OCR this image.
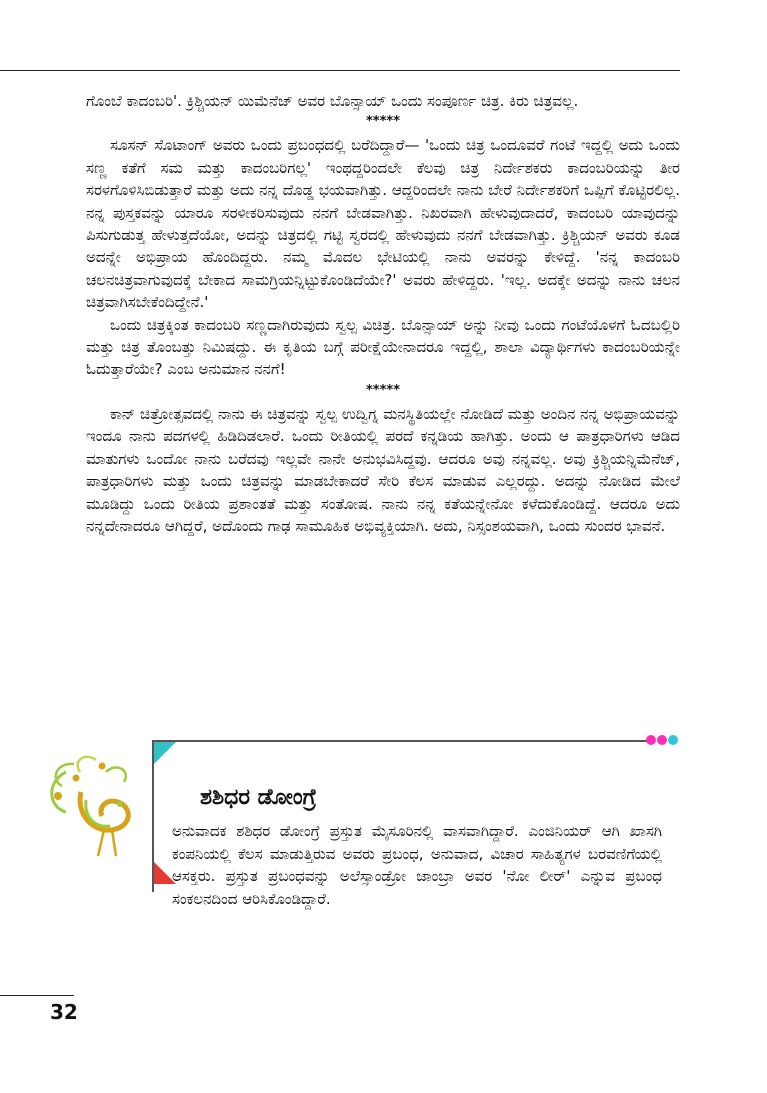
ಗೊಂಬೆ ಕಾದಂಬರಿ'. ಕ್ರಿಶ್ಚಿಯನ್ ಯಿಮೆನೆಜ್ ಅವರ ಬೊನ್ಸಾಯ್ ಒಂದು ಸಂಪೂರ್ಣ ಚಿತ್ರ. ಕಿರು ಚಿತ್ರವಲ್ಲ.

*****

ಸೂಸನ್ ಸೊಟಾಂಗ್ ಅವರು ಒಂದು ಪ್ರಬಂಧದಲ್ಲಿ ಬರೆದಿದ್ದಾರೆ— 'ಒಂದು ಚಿತ್ರ ಒಂದೂವರೆ ಗಂಟೆ ಇದ್ದಲ್ಲಿ ಅದು ಒಂದು ಸಣ್ಣ ಕತೆಗೆ ಸಮ ಮತ್ತು ಕಾದಂಬರಿಗಲ್ಲ' ಇಂಥದ್ದರಿಂದಲೇ ಕೆಲವು ಚಿತ್ರ ನಿರ್ದೇಶಕರು ಕಾದಂಬರಿಯನ್ನು ತೀರ ಸರಳಗೊಳಿಸಿಬಿಡುತ್ತಾರೆ ಮತ್ತು ಅದು ನನ್ನ ದೊಡ್ಡ ಭಯವಾಗಿತ್ತು. ಆದ್ದರಿಂದಲೇ ನಾನು ಬೇರೆ ನಿರ್ದೇಶಕರಿಗೆ ಒಪ್ಪಿಗೆ ಕೊಟ್ಟಿರಲಿಲ್ಲ. ನನ್ನ ಪುಸ್ತಕವನ್ನು ಯಾರೂ ಸರಳೀಕರಿಸುವುದು ನನಗೆ ಬೇಡವಾಗಿತ್ತು. ನಿಖರವಾಗಿ ಹೇಳುವುದಾದರೆ, ಕಾದಂಬರಿ ಯಾವುದನ್ನು ಪಿಸುಗುಡುತ್ತ ಹೇಳುತ್ತದೆಯೋ, ಅದನ್ನು ಚಿತ್ರದಲ್ಲಿ ಗಟ್ಟಿ ಸ್ವರದಲ್ಲಿ ಹೇಳುವುದು ನನಗೆ ಬೇಡವಾಗಿತ್ತು. ಕ್ರಿಶ್ಚಿಯನ್ ಅವರು ಕೂಡ ಅದನ್ನೇ ಅಭಿಪ್ರಾಯ ಹೊಂದಿದ್ದರು. ನಮ್ಮ ಮೊದಲ ಭೇಟಿಯಲ್ಲಿ ನಾನು ಅವರನ್ನು ಕೇಳಿದ್ದೆ. 'ನನ್ನ ಕಾದಂಬರಿ ಚಲನಚಿತ್ರವಾಗುವುದಕ್ಕೆ ಬೇಕಾದ ಸಾಮಗ್ರಿಯನ್ನಿಟ್ಟುಕೊಂಡಿದೆಯೇ?' ಅವರು ಹೇಳಿದ್ದರು. 'ಇಲ್ಲ. ಅದಕ್ಕೇ ಅದನ್ನು ನಾನು ಚಲನ ಚಿತ್ರವಾಗಿಸಬೇಕೆಂದಿದ್ದೇನೆ.'

ಒಂದು ಚಿತ್ರಕ್ಕಿಂತ ಕಾದಂಬರಿ ಸಣ್ಣದಾಗಿರುವುದು ಸ್ವಲ್ಪ ವಿಚಿತ್ರ. ಬೊನ್ಸಾಯ್ ಅನ್ನು ನೀವು ಒಂದು ಗಂಟೆಯೊಳಗೆ ಓದಬಲ್ಲಿರಿ ಮತ್ತು ಚಿತ್ರ ತೊಂಬತ್ತು ನಿಮಿಷದ್ದು. ಈ ಕೃತಿಯ ಬಗ್ಗೆ ಪರೀಕ್ಷೆಯೇನಾದರೂ ಇದ್ದಲ್ಲಿ, ಶಾಲಾ ವಿದ್ಯಾರ್ಥಿಗಳು ಕಾದಂಬರಿಯನ್ನೇ ಓದುತ್ತಾರೆಯೇ? ಎಂಬ ಅನುಮಾನ ನನಗೆ!

*****

ಕಾನ್ ಚಿತ್ರೋತ್ಸವದಲ್ಲಿ ನಾನು ಈ ಚಿತ್ರವನ್ನು ಸ್ವಲ್ಪ ಉದ್ವಿಗ್ನ ಮನಸ್ಥಿತಿಯಲ್ಲೇ ನೋಡಿದೆ ಮತ್ತು ಅಂದಿನ ನನ್ನ ಅಭಿಪ್ರಾಯವನ್ನು ಇಂದೂ ನಾನು ಪದಗಳಲ್ಲಿ ಹಿಡಿದಿಡಲಾರೆ. ಒಂದು ರೀತಿಯಲ್ಲಿ ಪರದೆ ಕನ್ನಡಿಯ ಹಾಗಿತ್ತು. ಅಂದು ಆ ಪಾತ್ರಧಾರಿಗಳು ಆಡಿದ ಮಾತುಗಳು ಒಂದೋ ನಾನು ಬರೆದವು ಇಲ್ಲವೇ ನಾನೇ ಅನುಭವಿಸಿದ್ದವು. ಆದರೂ ಅವು ನನ್ನವಲ್ಲ. ಅವು ಕ್ರಿಶ್ಚಿಯನ್ನಿಮೆನೆಜ್, ಪಾತ್ರಧಾರಿಗಳು ಮತ್ತು ಒಂದು ಚಿತ್ರವನ್ನು ಮಾಡಬೇಕಾದರೆ ಸೇರಿ ಕೆಲಸ ಮಾಡುವ ಎಲ್ಲರದ್ದು. ಅದನ್ನು ನೋಡಿದ ಮೇಲೆ ಮೂಡಿದ್ದು ಒಂದು ರೀತಿಯ ಪ್ರಶಾಂತತೆ ಮತ್ತು ಸಂತೋಷ. ನಾನು ನನ್ನ ಕತೆಯನ್ನೇನೋ ಕಳೆದುಕೊಂಡಿದ್ದೆ. ಆದರೂ ಅದು ನನ್ನದೇನಾದರೂ ಆಗಿದ್ದರೆ, ಅದೊಂದು ಗಾಢ ಸಾಮೂಹಿಕ ಅಭಿವ್ಯಕ್ತಿಯಾಗಿ. ಅದು, ನಿಸ್ಸಂಶಯವಾಗಿ, ಒಂದು ಸುಂದರ ಭಾವನೆ.

ಶಶಿಧರ ಡೋಂಗ್ರೆ
ಅನುವಾದಕ ಶಶಿಧರ ಡೋಂಗ್ರೆ ಪ್ರಸ್ತುತ ಮೈಸೂರಿನಲ್ಲಿ ವಾಸವಾಗಿದ್ದಾರೆ. ಎಂಜಿನಿಯರ್ ಆಗಿ ಖಾಸಗಿ ಕಂಪನಿಯಲ್ಲಿ ಕೆಲಸ ಮಾಡುತ್ತಿರುವ ಅವರು ಪ್ರಬಂಧ, ಅನುವಾದ, ವಿಚಾರ ಸಾಹಿತ್ಯಗಳ ಬರವಣಿಗೆಯಲ್ಲಿ ಆಸಕ್ತರು. ಪ್ರಸ್ತುತ ಪ್ರಬಂಧವನ್ನು ಅಲೆಸ್ಸಾಂಡ್ರೋ ಜಾಂಬ್ರಾ ಅವರ 'ನೋ ಲೀರ್' ಎನ್ನುವ ಪ್ರಬಂಧ ಸಂಕಲನದಿಂದ ಆರಿಸಿಕೊಂಡಿದ್ದಾರೆ.
32
